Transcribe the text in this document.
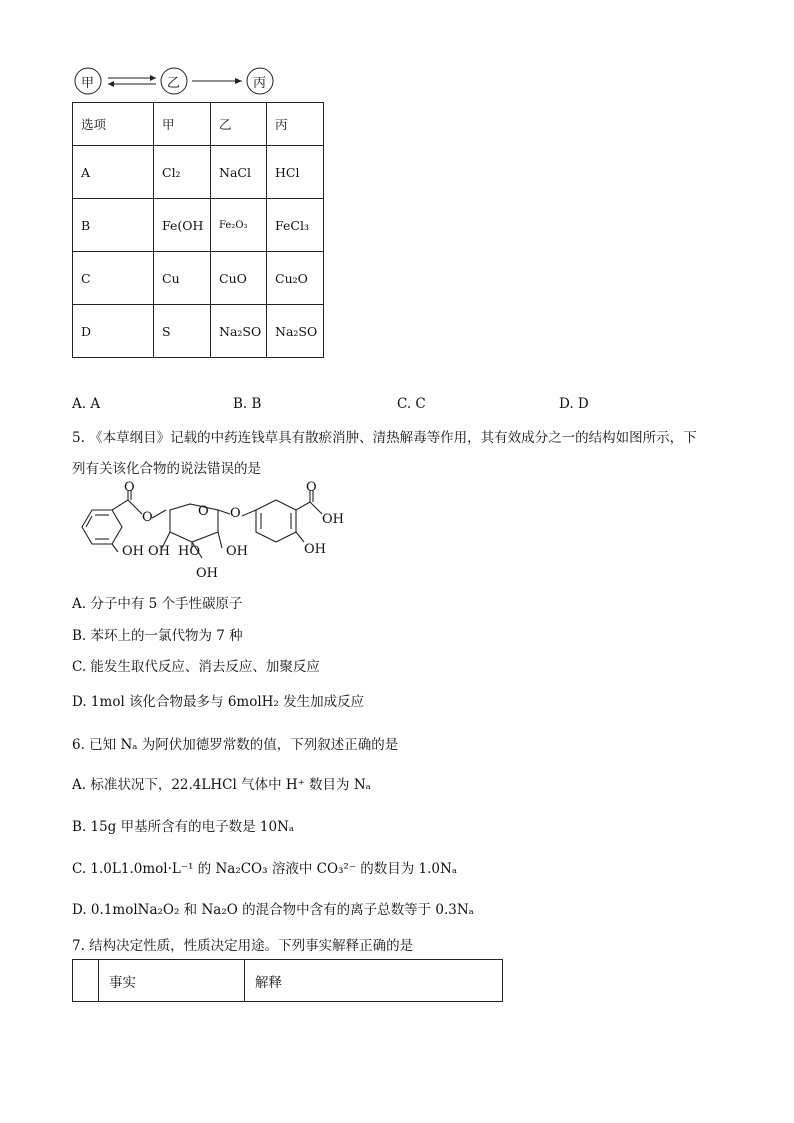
甲	乙	丙
选项	甲	乙	丙
A	Cl₂	NaCl	HCl
B	Fe(OH	Fe₂O₃	FeCl₃
C	Cu	CuO	Cu₂O
D	S	Na₂SO	Na₂SO
A. A	B. B	C. C	D. D
5. 《本草纲目》记载的中药连钱草具有散瘀消肿、清热解毒等作用，其有效成分之一的结构如图所示，下
列有关该化合物的说法错误的是
O
O	O O
OH OH HO OH
OH
O
OH
OH
A. 分子中有 5 个手性碳原子
B. 苯环上的一氯代物为 7 种
C. 能发生取代反应、消去反应、加聚反应
D. 1mol 该化合物最多与 6molH₂ 发生加成反应
6. 已知 Nₐ 为阿伏加德罗常数的值，下列叙述正确的是
A. 标准状况下，22.4LHCl 气体中 H⁺ 数目为 Nₐ
B. 15g 甲基所含有的电子数是 10Nₐ
C. 1.0L1.0mol·L⁻¹ 的 Na₂CO₃ 溶液中 CO₃²⁻ 的数目为 1.0Nₐ
D. 0.1molNa₂O₂ 和 Na₂O 的混合物中含有的离子总数等于 0.3Nₐ
7. 结构决定性质，性质决定用途。下列事实解释正确的是
	事实	解释
